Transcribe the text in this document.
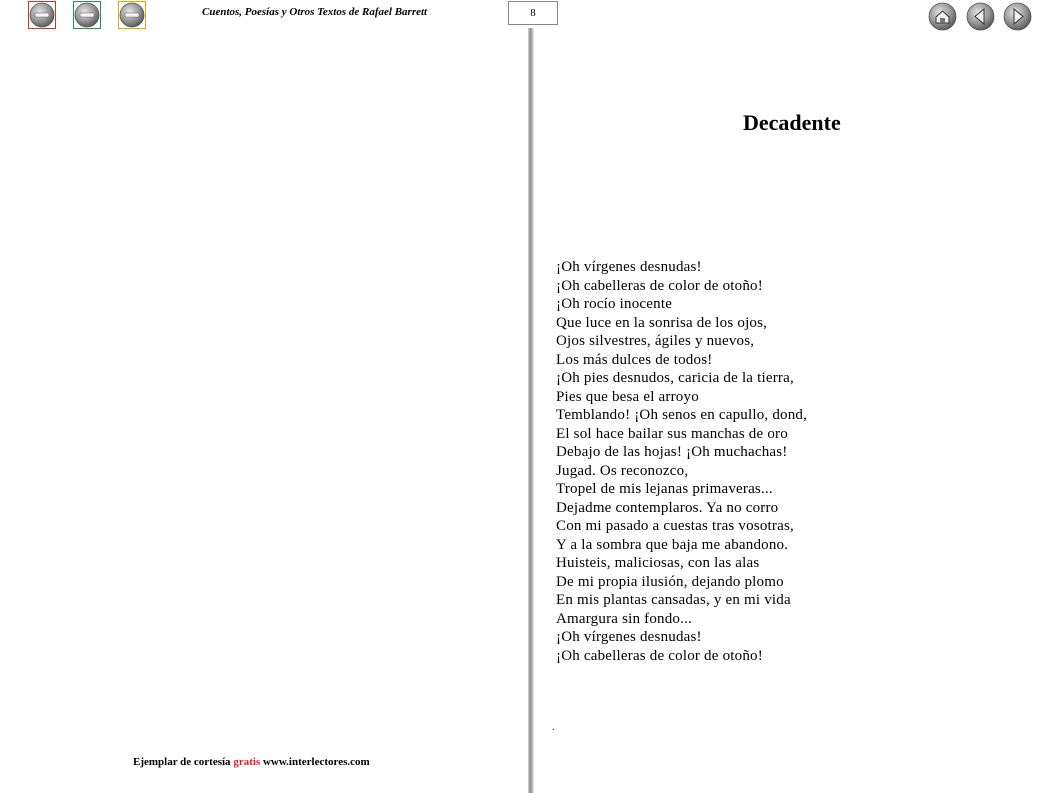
Cuentos, Poesías y Otros Textos de Rafael Barrett	8
Decadente
¡Oh vírgenes desnudas!
¡Oh cabelleras de color de otoño!
¡Oh rocío inocente
Que luce en la sonrisa de los ojos,
Ojos silvestres, ágiles y nuevos,
Los más dulces de todos!
¡Oh pies desnudos, caricia de la tierra,
Pies que besa el arroyo
Temblando! ¡Oh senos en capullo, dond,
El sol hace bailar sus manchas de oro
Debajo de las hojas! ¡Oh muchachas!
Jugad. Os reconozco,
Tropel de mis lejanas primaveras...
Dejadme contemplaros. Ya no corro
Con mi pasado a cuestas tras vosotras,
Y a la sombra que baja me abandono.
Huisteis, maliciosas, con las alas
De mi propia ilusión, dejando plomo
En mis plantas cansadas, y en mi vida
Amargura sin fondo...
¡Oh vírgenes desnudas!
¡Oh cabelleras de color de otoño!
.
Ejemplar de cortesía gratis www.interlectores.com
